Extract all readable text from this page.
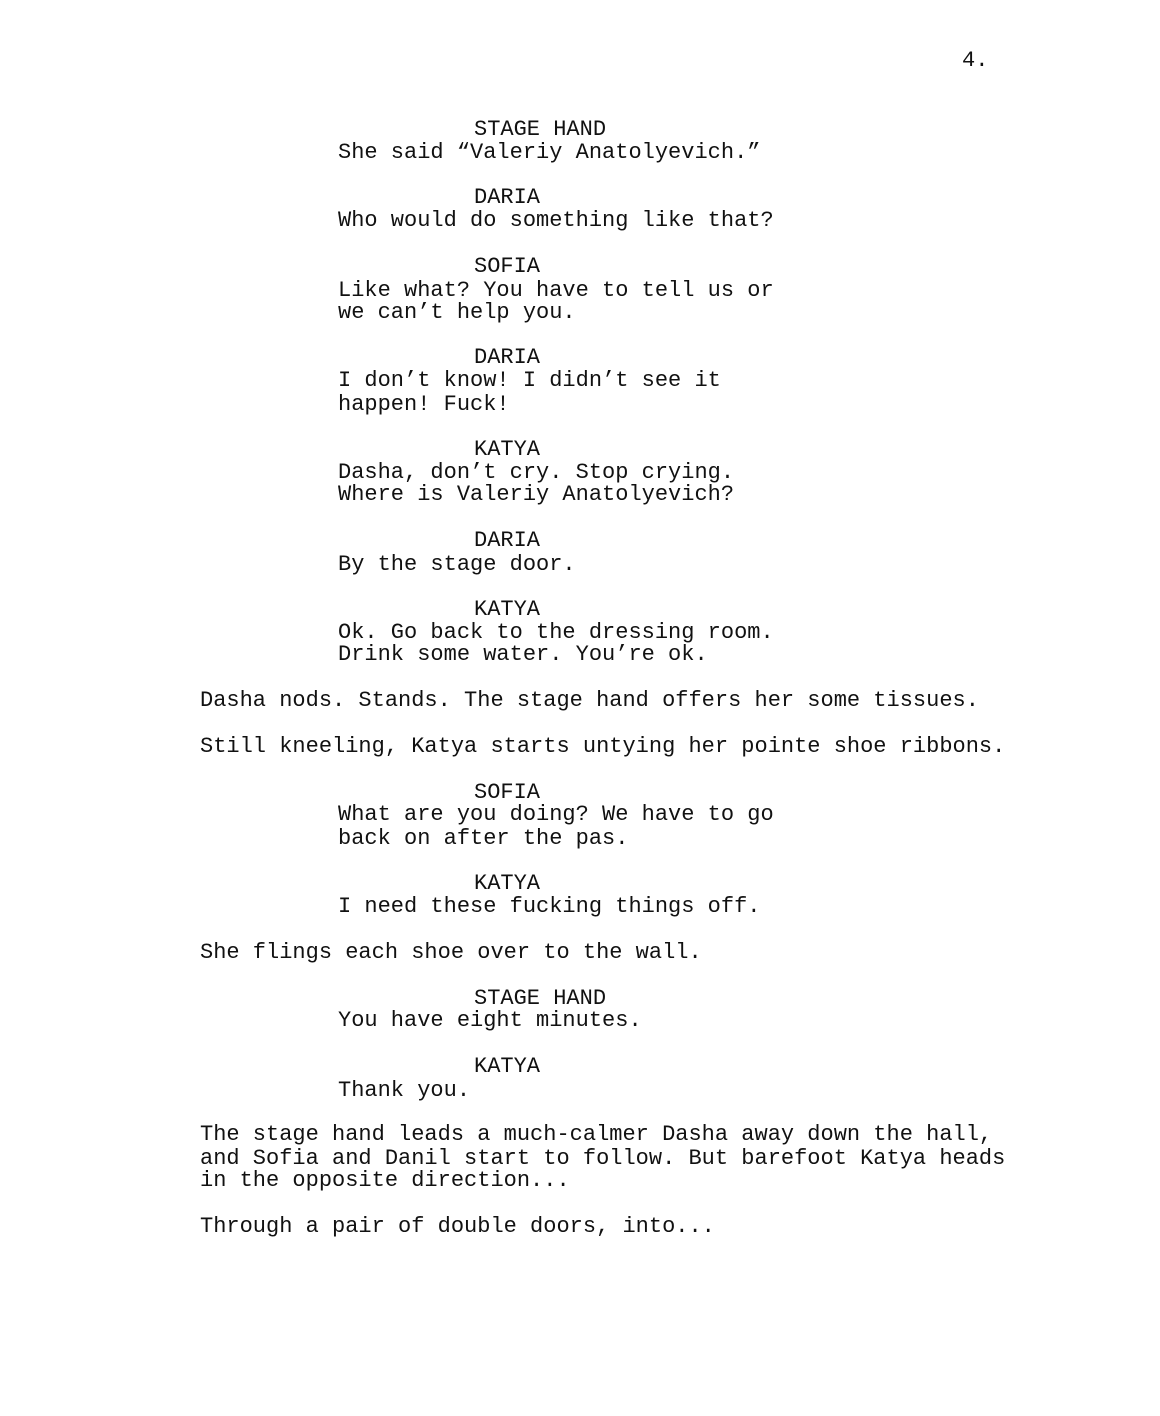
4.
STAGE HAND
She said “Valeriy Anatolyevich.”
DARIA
Who would do something like that?
SOFIA
Like what? You have to tell us or
we can’t help you.
DARIA
I don’t know! I didn’t see it
happen! Fuck!
KATYA
Dasha, don’t cry. Stop crying.
Where is Valeriy Anatolyevich?
DARIA
By the stage door.
KATYA
Ok. Go back to the dressing room.
Drink some water. You’re ok.
Dasha nods. Stands. The stage hand offers her some tissues.
Still kneeling, Katya starts untying her pointe shoe ribbons.
SOFIA
What are you doing? We have to go
back on after the pas.
KATYA
I need these fucking things off.
She flings each shoe over to the wall.
STAGE HAND
You have eight minutes.
KATYA
Thank you.
The stage hand leads a much-calmer Dasha away down the hall,
and Sofia and Danil start to follow. But barefoot Katya heads
in the opposite direction...
Through a pair of double doors, into...
